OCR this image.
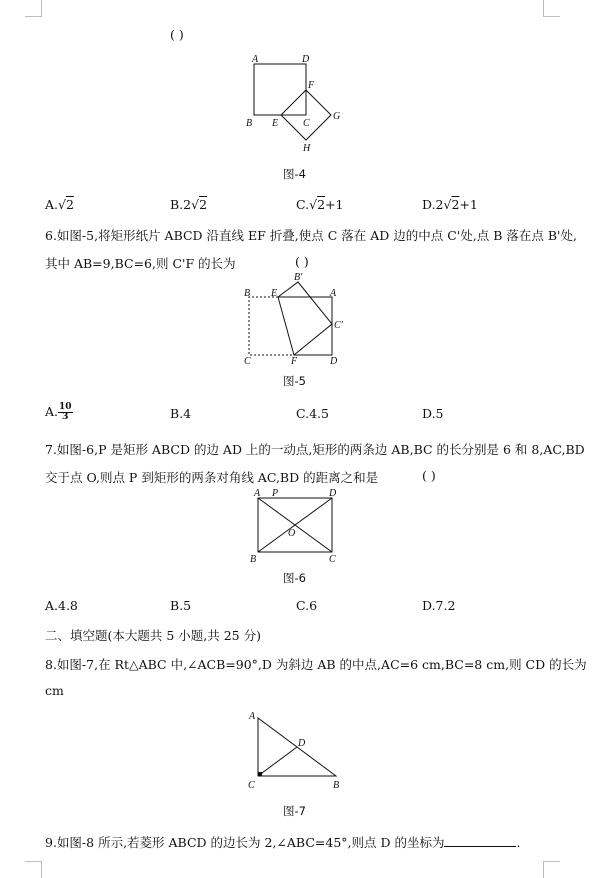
( )
A	D
F
G
B E C
H
图-4
A.√2	B.2√2	C.√2+1	D.2√2+1
6.如图-5,将矩形纸片 ABCD 沿直线 EF 折叠,使点 C 落在 AD 边的中点 C'处,点 B 落在点 B'处,
其中 AB=9,BC=6,则 C'F 的长为	( )
B'
B E	A
C'
C	F	D
图-5
A. $\frac{10}{3}$	B.4	C.4.5	D.5
7.如图-6,P 是矩形 ABCD 的边 AD 上的一动点,矩形的两条边 AB,BC 的长分别是 6 和 8,AC,BD
交于点 O,则点 P 到矩形的两条对角线 AC,BD 的距离之和是	( )
A P	D
O
B	C
图-6
A.4.8	B.5	C.6	D.7.2
二、填空题(本大题共 5 小题,共 25 分)
8.如图-7,在 Rt△ABC 中,∠ACB=90°,D 为斜边 AB 的中点,AC=6 cm,BC=8 cm,则 CD 的长为
cm
A
D
C	B
图-7
9.如图-8 所示,若菱形 ABCD 的边长为 2,∠ABC=45°,则点 D 的坐标为	.
